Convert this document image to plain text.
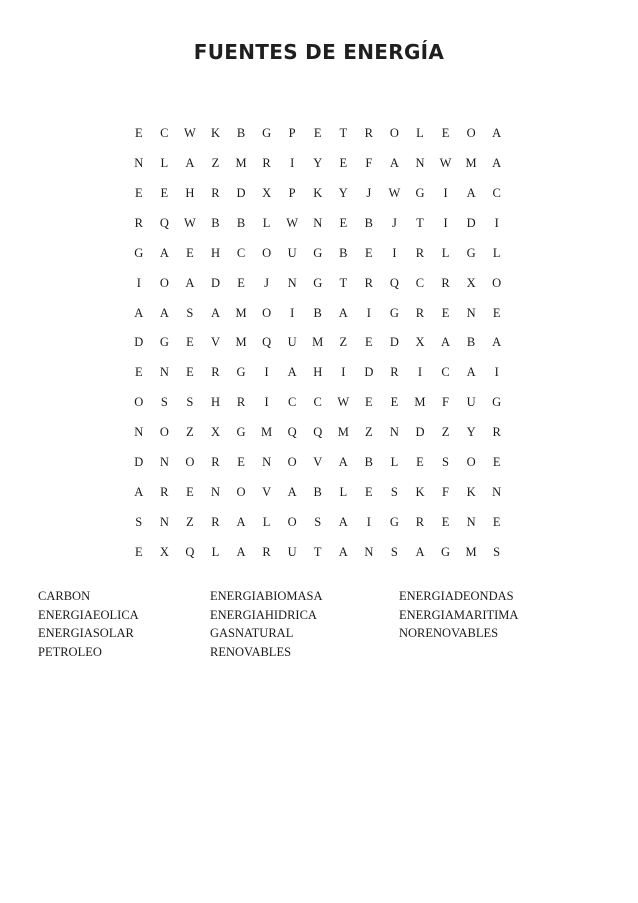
FUENTES DE ENERGÍA
E	C	W	K	B	G	P	E	T	R	O	L	E	O	A
N	L	A	Z	M	R	I	Y	E	F	A	N	W	M	A
E	E	H	R	D	X	P	K	Y	J	W	G	I	A	C
R	Q	W	B	B	L	W	N	E	B	J	T	I	D	I
G	A	E	H	C	O	U	G	B	E	I	R	L	G	L
I	O	A	D	E	J	N	G	T	R	Q	C	R	X	O
A	A	S	A	M	O	I	B	A	I	G	R	E	N	E
D	G	E	V	M	Q	U	M	Z	E	D	X	A	B	A
E	N	E	R	G	I	A	H	I	D	R	I	C	A	I
O	S	S	H	R	I	C	C	W	E	E	M	F	U	G
N	O	Z	X	G	M	Q	Q	M	Z	N	D	Z	Y	R
D	N	O	R	E	N	O	V	A	B	L	E	S	O	E
A	R	E	N	O	V	A	B	L	E	S	K	F	K	N
S	N	Z	R	A	L	O	S	A	I	G	R	E	N	E
E	X	Q	L	A	R	U	T	A	N	S	A	G	M	S
CARBON
ENERGIAEOLICA
ENERGIASOLAR
PETROLEO
ENERGIABIOMASA
ENERGIAHIDRICA
GASNATURAL
RENOVABLES
ENERGIADEONDAS
ENERGIAMARITIMA
NORENOVABLES
